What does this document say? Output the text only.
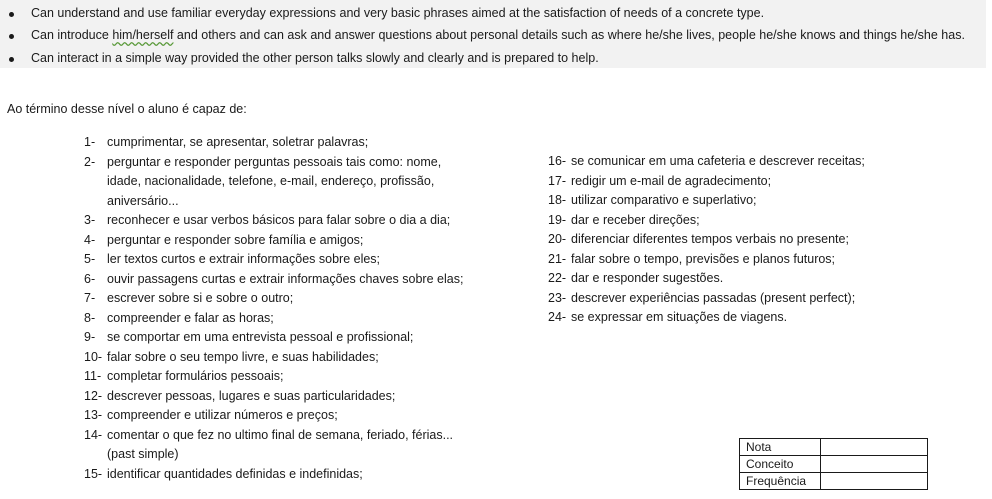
Can understand and use familiar everyday expressions and very basic phrases aimed at the satisfaction of needs of a concrete type.
Can introduce him/herself and others and can ask and answer questions about personal details such as where he/she lives, people he/she knows and things he/she has.
Can interact in a simple way provided the other person talks slowly and clearly and is prepared to help.
Ao término desse nível o aluno é capaz de:
1- cumprimentar, se apresentar, soletrar palavras;
2- perguntar e responder perguntas pessoais tais como: nome,
idade, nacionalidade, telefone, e-mail, endereço, profissão,
aniversário...
3- reconhecer e usar verbos básicos para falar sobre o dia a dia;
4- perguntar e responder sobre família e amigos;
5- ler textos curtos e extrair informações sobre eles;
6- ouvir passagens curtas e extrair informações chaves sobre elas;
7- escrever sobre si e sobre o outro;
8- compreender e falar as horas;
9- se comportar em uma entrevista pessoal e profissional;
10- falar sobre o seu tempo livre, e suas habilidades;
11- completar formulários pessoais;
12- descrever pessoas, lugares e suas particularidades;
13- compreender e utilizar números e preços;
14- comentar o que fez no ultimo final de semana, feriado, férias...
(past simple)
15- identificar quantidades definidas e indefinidas;
16- se comunicar em uma cafeteria e descrever receitas;
17- redigir um e-mail de agradecimento;
18- utilizar comparativo e superlativo;
19- dar e receber direções;
20- diferenciar diferentes tempos verbais no presente;
21- falar sobre o tempo, previsões e planos futuros;
22- dar e responder sugestões.
23- descrever experiências passadas (present perfect);
24- se expressar em situações de viagens.
Nota	
Conceito	
Frequência	
